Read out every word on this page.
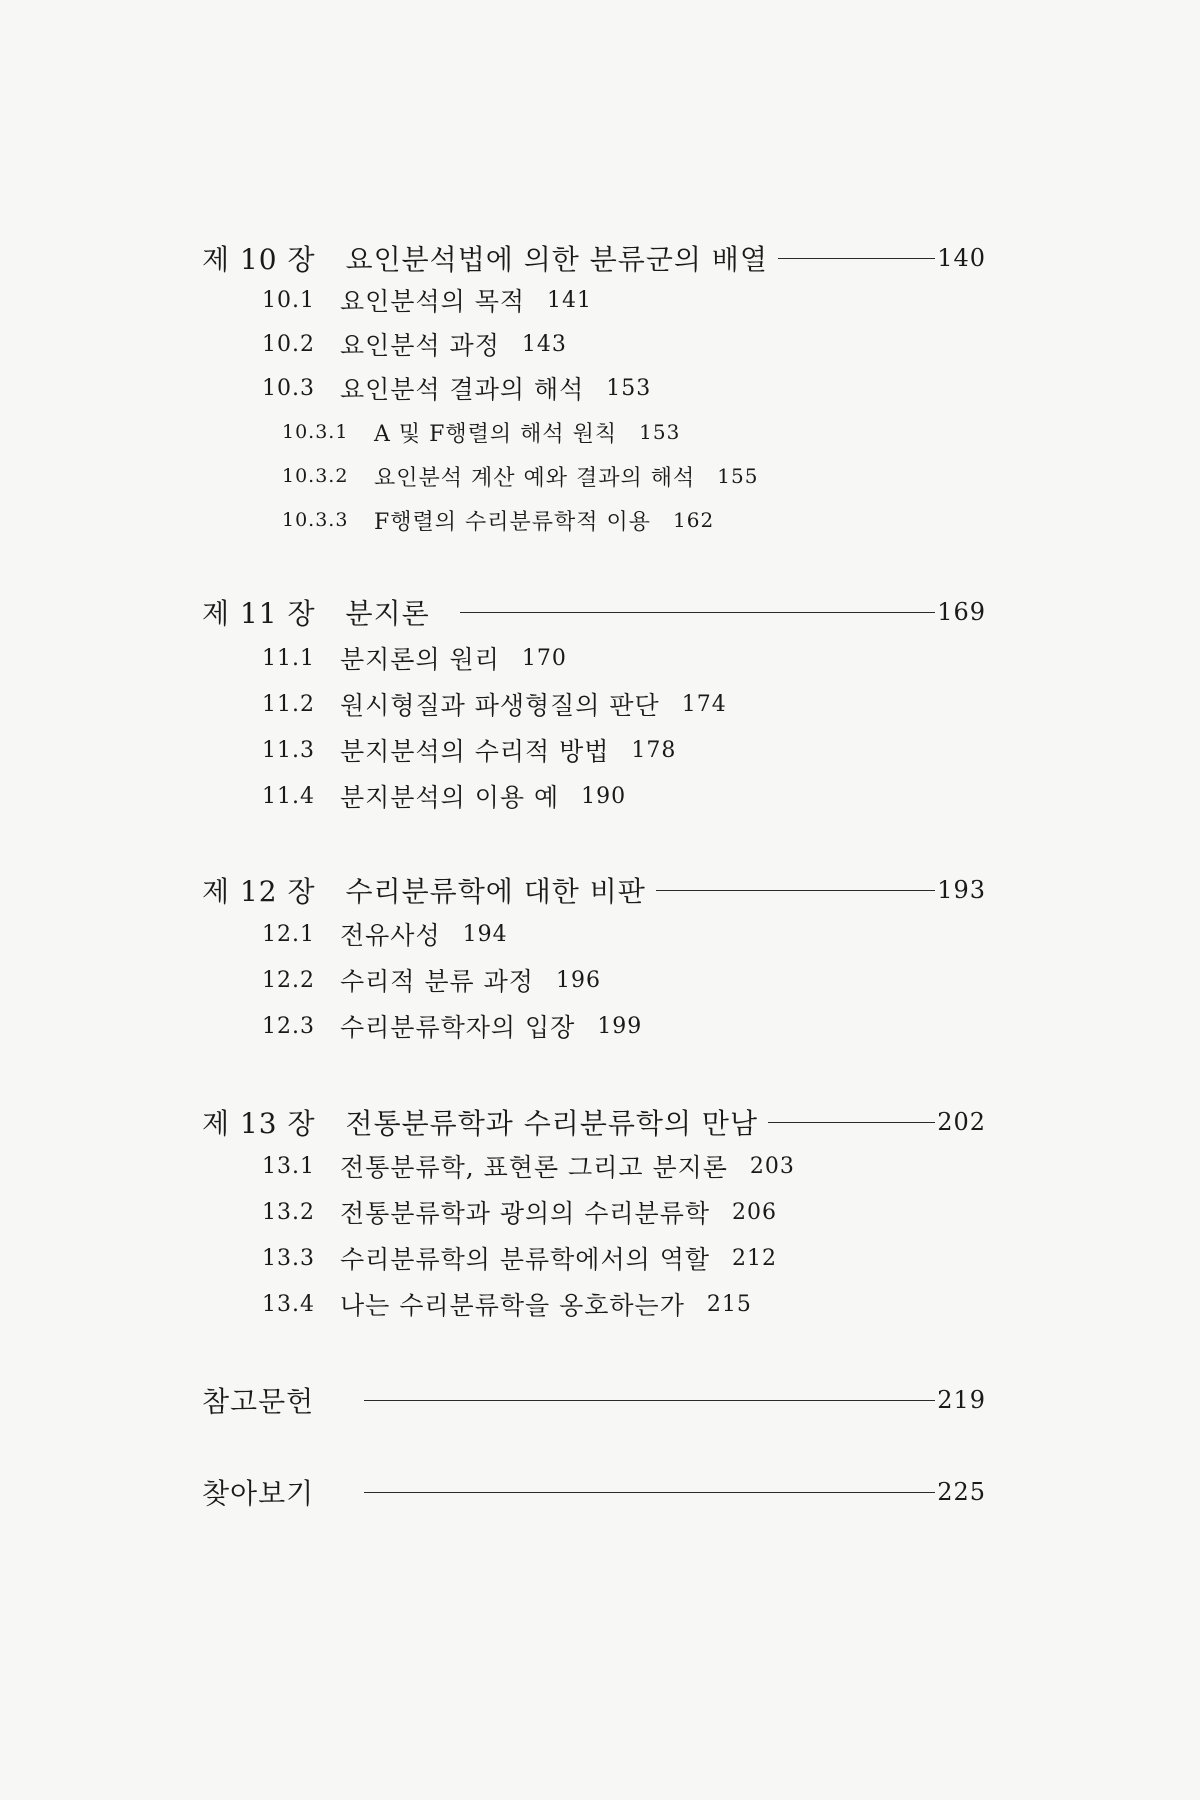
제 10 장 요인분석법에 의한 분류군의 배열	140
10.1	요인분석의 목적 141
10.2	요인분석 과정 143
10.3	요인분석 결과의 해석 153
10.3.1	A 및 F행렬의 해석 원칙 153
10.3.2	요인분석 계산 예와 결과의 해석 155
10.3.3	F행렬의 수리분류학적 이용 162
제 11 장 분지론	169
11.1	분지론의 원리 170
11.2	원시형질과 파생형질의 판단 174
11.3	분지분석의 수리적 방법 178
11.4	분지분석의 이용 예 190
제 12 장 수리분류학에 대한 비판	193
12.1	전유사성 194
12.2	수리적 분류 과정 196
12.3	수리분류학자의 입장 199
제 13 장 전통분류학과 수리분류학의 만남	202
13.1	전통분류학, 표현론 그리고 분지론 203
13.2	전통분류학과 광의의 수리분류학 206
13.3	수리분류학의 분류학에서의 역할 212
13.4	나는 수리분류학을 옹호하는가 215
참고문헌	219
찾아보기	225
